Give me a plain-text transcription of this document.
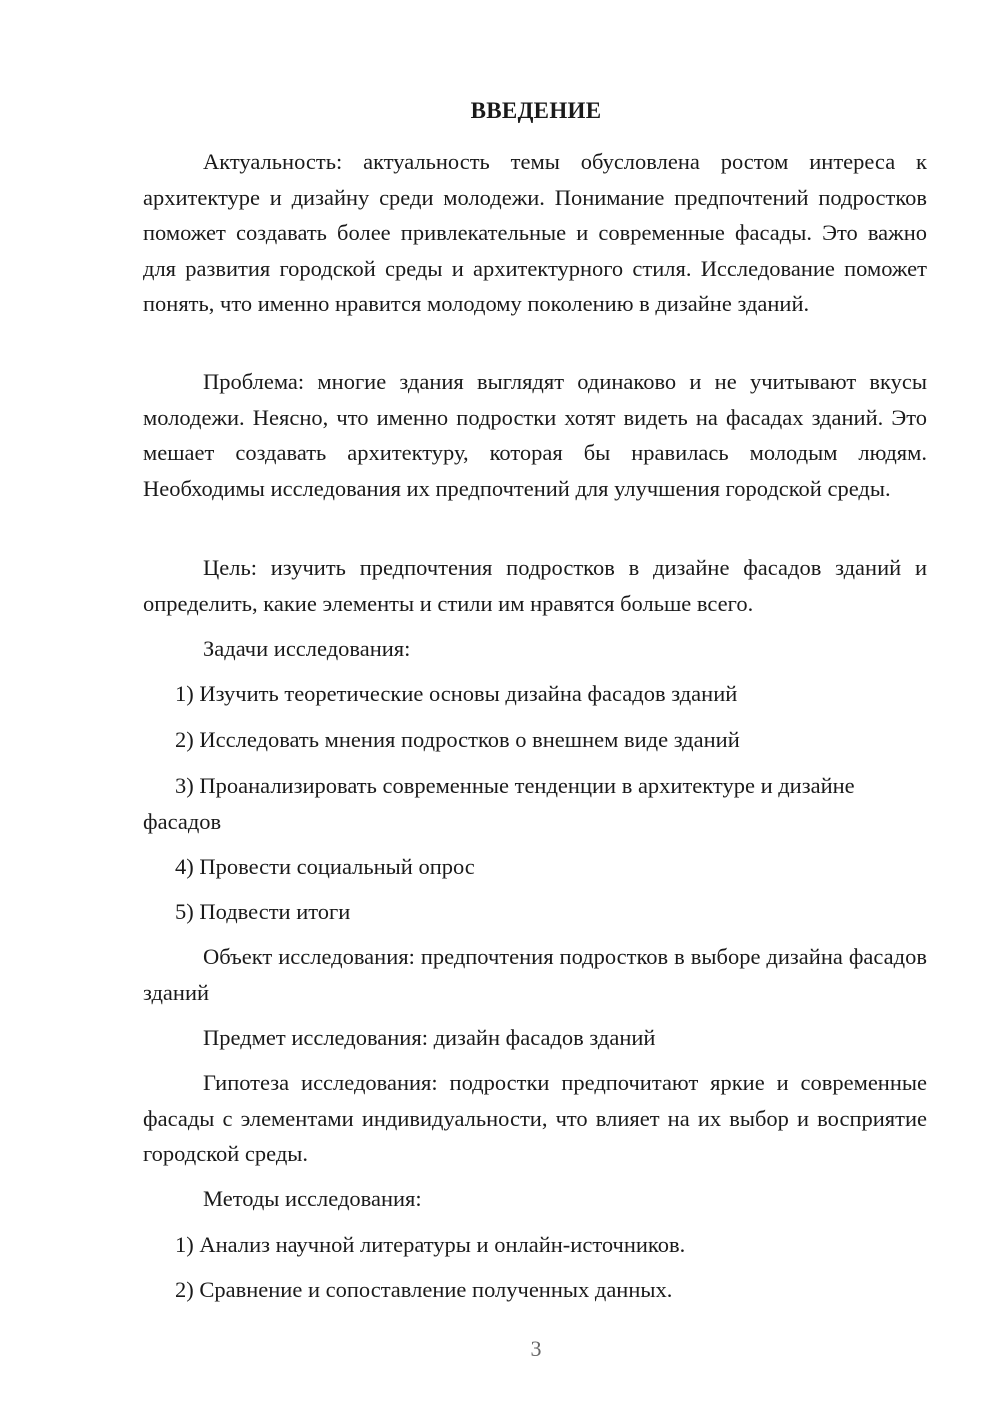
ВВЕДЕНИЕ

Актуальность: актуальность темы обусловлена ростом интереса к архитектуре и дизайну среди молодежи. Понимание предпочтений подростков поможет создавать более привлекательные и современные фасады. Это важно для развития городской среды и архитектурного стиля. Исследование поможет понять, что именно нравится молодому поколению в дизайне зданий.

Проблема: многие здания выглядят одинаково и не учитывают вкусы молодежи. Неясно, что именно подростки хотят видеть на фасадах зданий. Это мешает создавать архитектуру, которая бы нравилась молодым людям. Необходимы исследования их предпочтений для улучшения городской среды.

Цель: изучить предпочтения подростков в дизайне фасадов зданий и определить, какие элементы и стили им нравятся больше всего.

Задачи исследования:

1) Изучить теоретические основы дизайна фасадов зданий

2) Исследовать мнения подростков о внешнем виде зданий

3) Проанализировать современные тенденции в архитектуре и дизайне фасадов

4) Провести социальный опрос

5) Подвести итоги

Объект исследования: предпочтения подростков в выборе дизайна фасадов зданий

Предмет исследования: дизайн фасадов зданий

Гипотеза исследования: подростки предпочитают яркие и современные фасады с элементами индивидуальности, что влияет на их выбор и восприятие городской среды.

Методы исследования:

1) Анализ научной литературы и онлайн-источников.

2) Сравнение и сопоставление полученных данных.

3
